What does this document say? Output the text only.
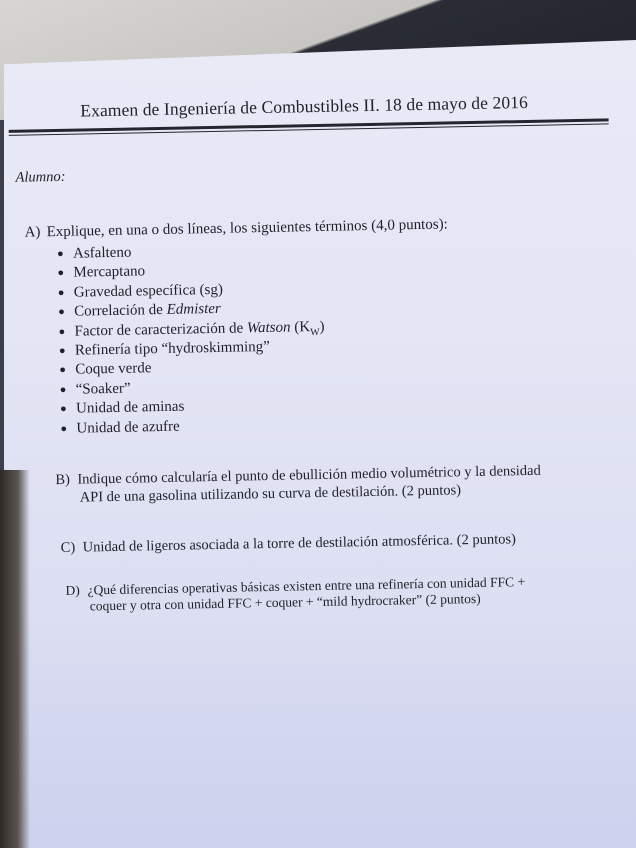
Examen de Ingeniería de Combustibles II. 18 de mayo de 2016
Alumno:
A) Explique, en una o dos líneas, los siguientes términos (4,0 puntos):
● Asfalteno
● Mercaptano
● Gravedad específica (sg)
● Correlación de Edmister
● Factor de caracterización de Watson $(K_W)$
● Refinería tipo “hydroskimming”
● Coque verde
● “Soaker”
● Unidad de aminas
● Unidad de azufre
B) Indique cómo calcularía el punto de ebullición medio volumétrico y la densidad
API de una gasolina utilizando su curva de destilación. (2 puntos)
C) Unidad de ligeros asociada a la torre de destilación atmosférica. (2 puntos)
D) ¿Qué diferencias operativas básicas existen entre una refinería con unidad FFC +
coquer y otra con unidad FFC + coquer + “mild hydrocraker” (2 puntos)
